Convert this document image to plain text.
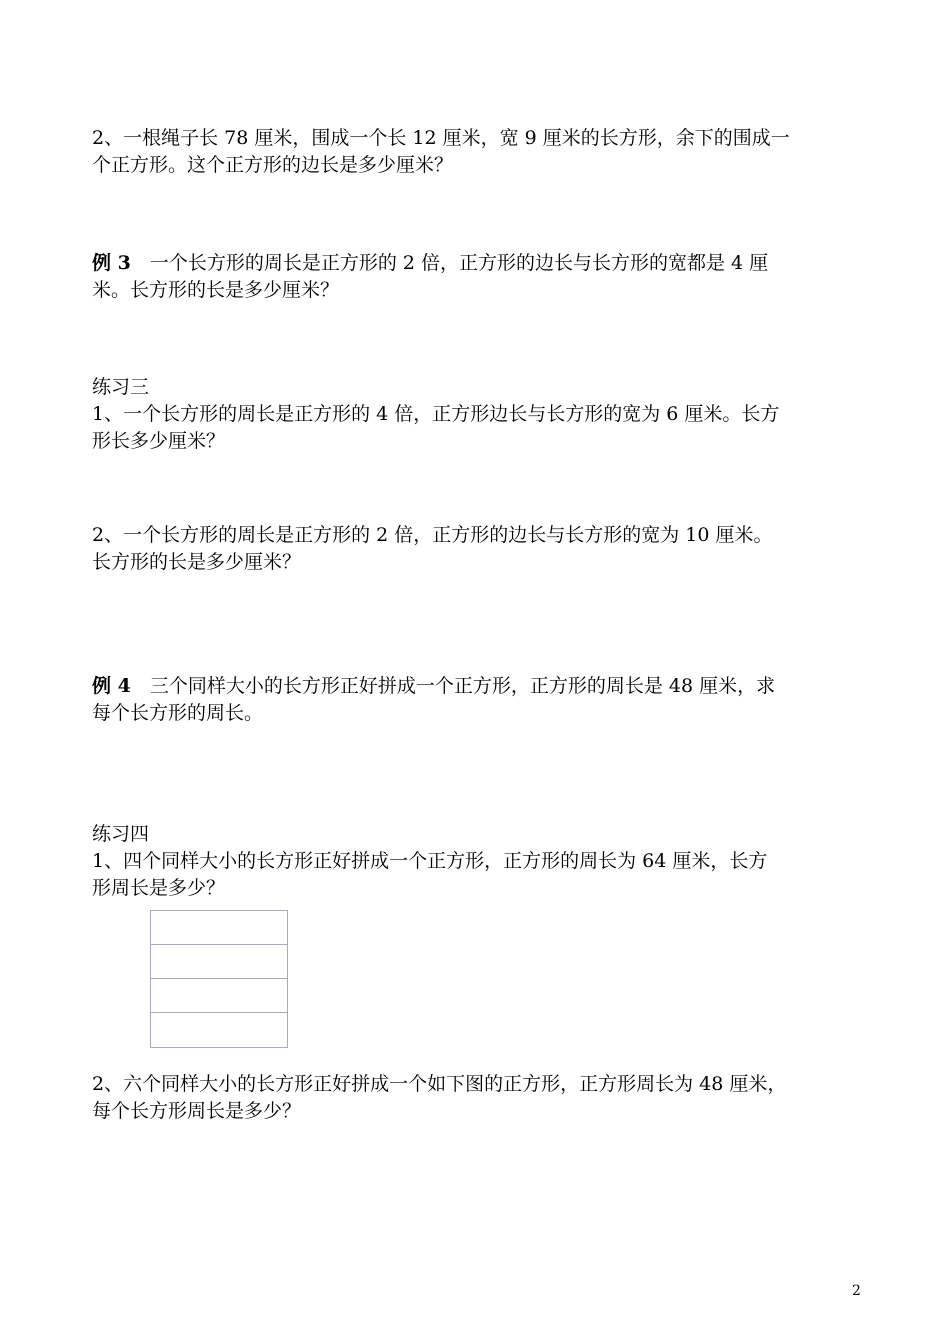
2、一根绳子长 78 厘米，围成一个长 12 厘米，宽 9 厘米的长方形，余下的围成一
个正方形。这个正方形的边长是多少厘米？
例 3　一个长方形的周长是正方形的 2 倍，正方形的边长与长方形的宽都是 4 厘
米。长方形的长是多少厘米？
练习三
1、一个长方形的周长是正方形的 4 倍，正方形边长与长方形的宽为 6 厘米。长方
形长多少厘米？
2、一个长方形的周长是正方形的 2 倍，正方形的边长与长方形的宽为 10 厘米。
长方形的长是多少厘米？
例 4　三个同样大小的长方形正好拼成一个正方形，正方形的周长是 48 厘米，求
每个长方形的周长。
练习四
1、四个同样大小的长方形正好拼成一个正方形，正方形的周长为 64 厘米，长方
形周长是多少？
2、六个同样大小的长方形正好拼成一个如下图的正方形，正方形周长为 48 厘米，
每个长方形周长是多少？
2
